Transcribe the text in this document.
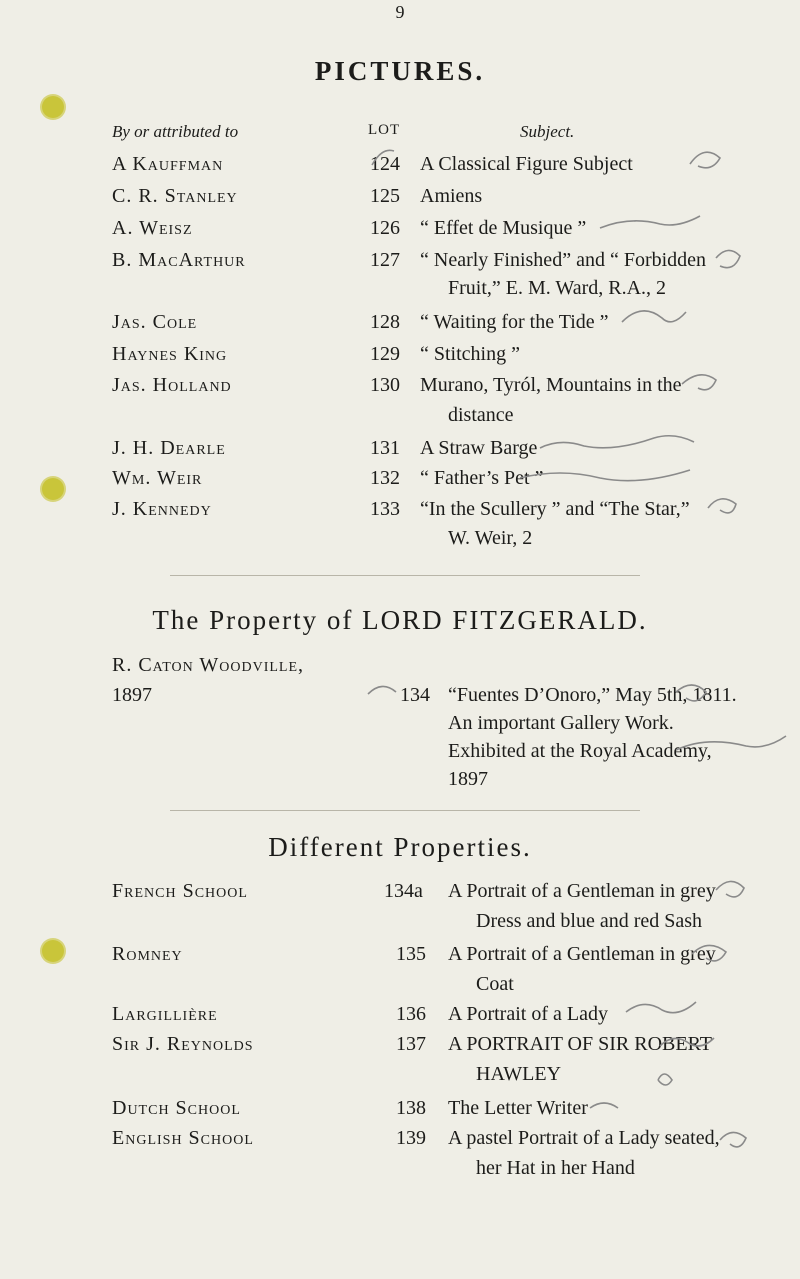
9
PICTURES.
By or attributed to	LOT	Subject.
A Kauffman	124 A Classical Figure Subject
C. R. Stanley	125 Amiens
A. Weisz	126 “ Effet de Musique ”
B. MacArthur	127 “ Nearly Finished” and “ Forbidden
Fruit,” E. M. Ward, R.A., 2
Jas. Cole	128 “ Waiting for the Tide ”
Haynes King	129 “ Stitching ”
Jas. Holland	130 Murano, Tyról, Mountains in the
distance
J. H. Dearle	131 A Straw Barge
Wm. Weir	132 “ Father’s Pet ”
J. Kennedy	133 “In the Scullery ” and “The Star,”
W. Weir, 2
The Property of LORD FITZGERALD.
R. Caton Woodville,
1897	134 “Fuentes D’Onoro,” May 5th, 1811.
An important Gallery Work.
Exhibited at the Royal Academy,
1897
Different Properties.
French School	134a A Portrait of a Gentleman in grey
Dress and blue and red Sash
Romney	135 A Portrait of a Gentleman in grey
Coat
Largillière	136 A Portrait of a Lady
Sir J. Reynolds	137 A PORTRAIT OF SIR ROBERT
HAWLEY
Dutch School	138 The Letter Writer
English School	139 A pastel Portrait of a Lady seated,
her Hat in her Hand
